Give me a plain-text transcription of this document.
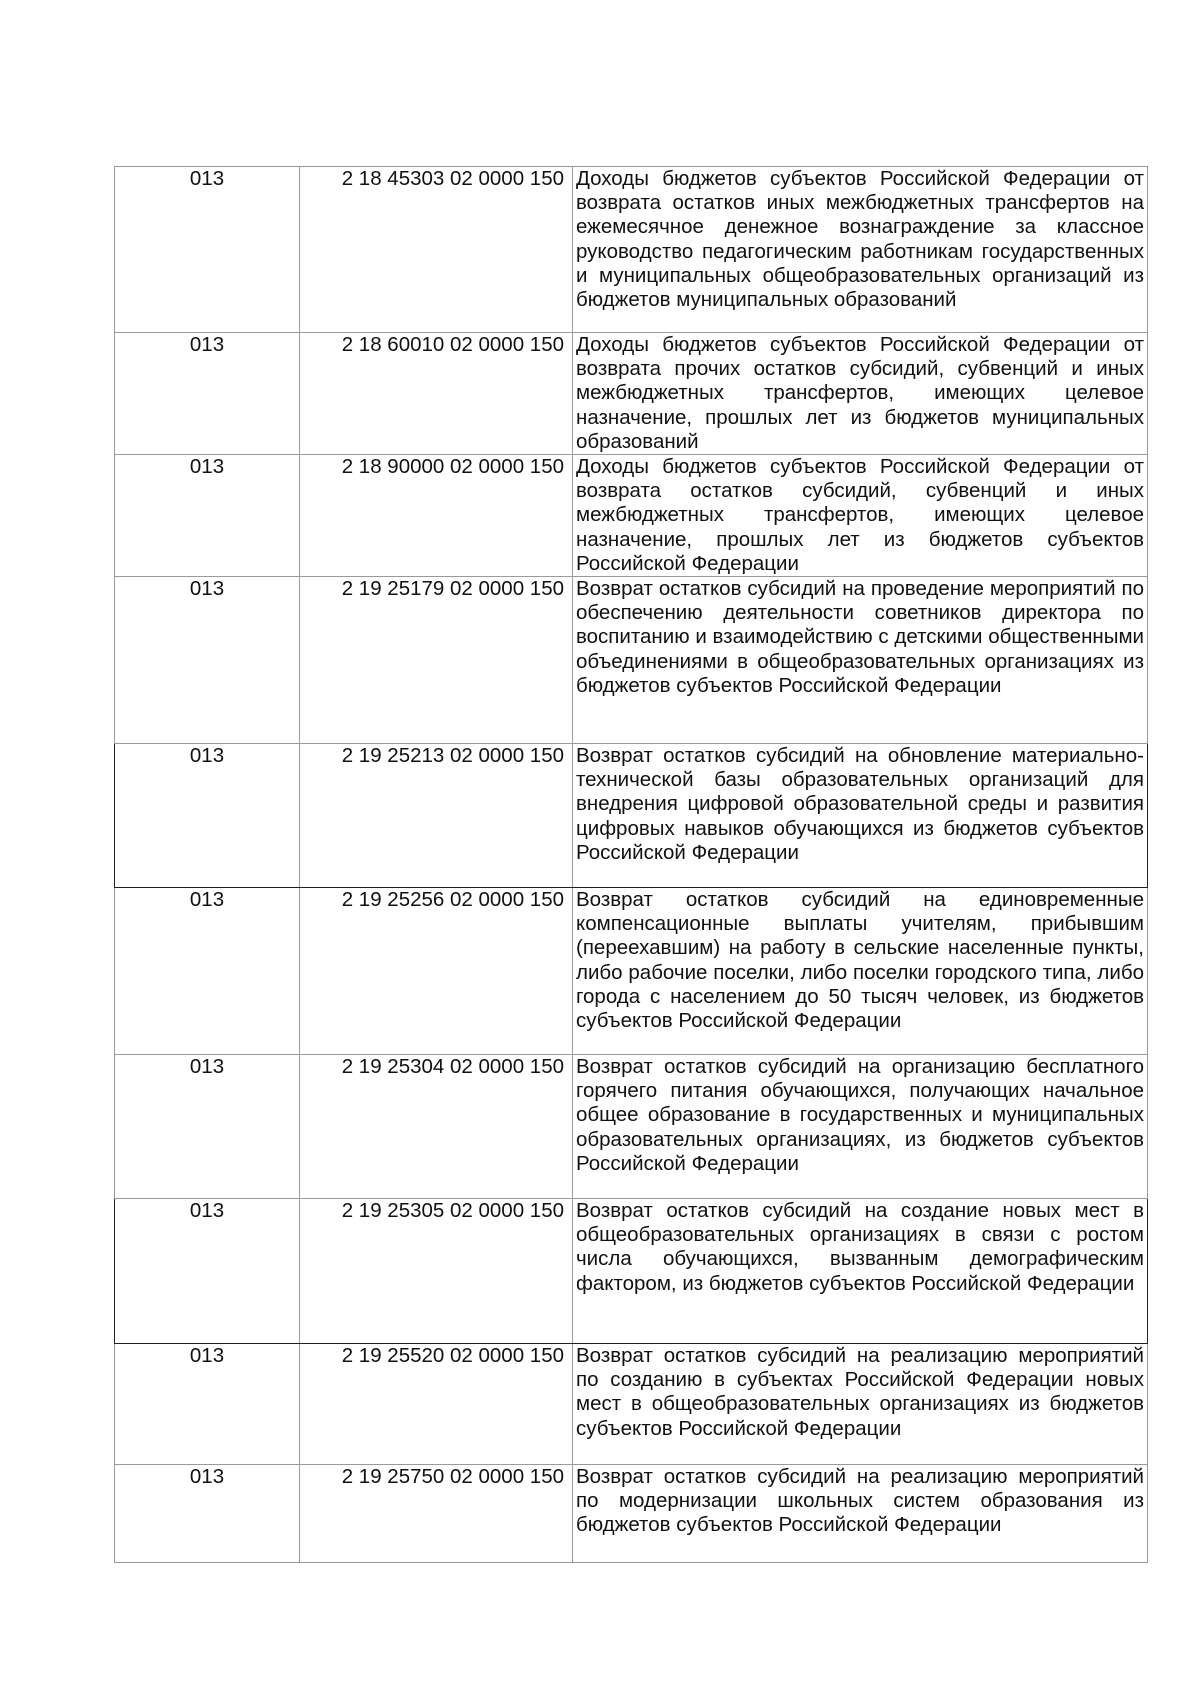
013	2 18 45303 02 0000 150	Доходы бюджетов субъектов Российской Федерации от возврата остатков иных межбюджетных трансфертов на ежемесячное денежное вознаграждение за классное руководство педагогическим работникам государственных и муниципальных общеобразовательных организаций из бюджетов муниципальных образований

013	2 18 60010 02 0000 150	Доходы бюджетов субъектов Российской Федерации от возврата прочих остатков субсидий, субвенций и иных межбюджетных трансфертов, имеющих целевое назначение, прошлых лет из бюджетов муниципальных образований

013	2 18 90000 02 0000 150	Доходы бюджетов субъектов Российской Федерации от возврата остатков субсидий, субвенций и иных межбюджетных трансфертов, имеющих целевое назначение, прошлых лет из бюджетов субъектов Российской Федерации

013	2 19 25179 02 0000 150	Возврат остатков субсидий на проведение мероприятий по обеспечению деятельности советников директора по воспитанию и взаимодействию с детскими общественными объединениями в общеобразовательных организациях из бюджетов субъектов Российской Федерации

013	2 19 25213 02 0000 150	Возврат остатков субсидий на обновление материально-технической базы образовательных организаций для внедрения цифровой образовательной среды и развития цифровых навыков обучающихся из бюджетов субъектов Российской Федерации

013	2 19 25256 02 0000 150	Возврат остатков субсидий на единовременные компенсационные выплаты учителям, прибывшим (переехавшим) на работу в сельские населенные пункты, либо рабочие поселки, либо поселки городского типа, либо города с населением до 50 тысяч человек, из бюджетов субъектов Российской Федерации

013	2 19 25304 02 0000 150	Возврат остатков субсидий на организацию бесплатного горячего питания обучающихся, получающих начальное общее образование в государственных и муниципальных образовательных организациях, из бюджетов субъектов Российской Федерации

013	2 19 25305 02 0000 150	Возврат остатков субсидий на создание новых мест в общеобразовательных организациях в связи с ростом числа обучающихся, вызванным демографическим фактором, из бюджетов субъектов Российской Федерации

013	2 19 25520 02 0000 150	Возврат остатков субсидий на реализацию мероприятий по созданию в субъектах Российской Федерации новых мест в общеобразовательных организациях из бюджетов субъектов Российской Федерации

013	2 19 25750 02 0000 150	Возврат остатков субсидий на реализацию мероприятий по модернизации школьных систем образования из бюджетов субъектов Российской Федерации
